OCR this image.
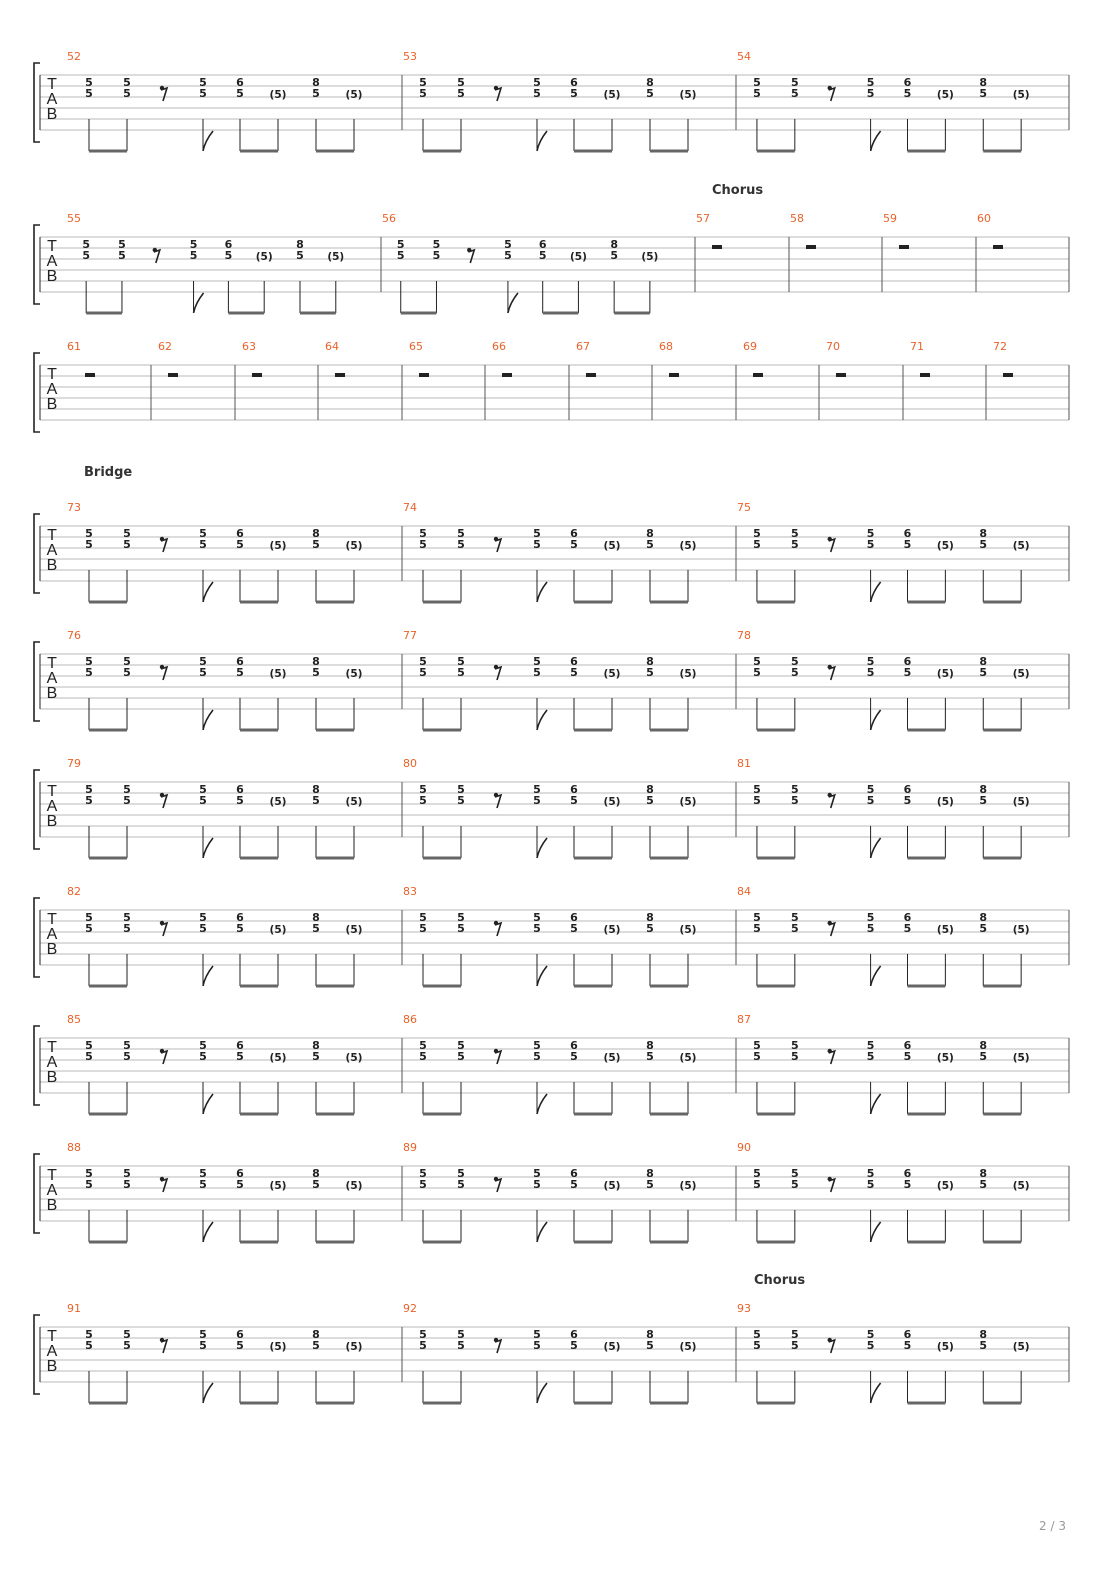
T
A
B
52
5
5
5
5
5
5
6
5 (5)
8
5 (5)
53
5
5
5
5
5
5
6
5 (5)
8
5 (5)
54
5
5
5
5
5
5
6
5 (5)
8
5 (5)
T
A
B
55
5
5
5
5
5
5
6
5 (5)
8
5 (5)
56
5
5
5
5
5
5
6
5 (5)
8
5 (5)
57
Chorus
58	59	60
T
A
B
61	62	63	64	65	66	67	68	69	70	71	72
T
A
B
73
Bridge
5
5
5
5
5
5
6
5 (5)
8
5 (5)
74
5
5
5
5
5
5
6
5 (5)
8
5 (5)
75
5
5
5
5
5
5
6
5 (5)
8
5 (5)
T
A
B
76
5
5
5
5
5
5
6
5 (5)
8
5 (5)
77
5
5
5
5
5
5
6
5 (5)
8
5 (5)
78
5
5
5
5
5
5
6
5 (5)
8
5 (5)
T
A
B
79
5
5
5
5
5
5
6
5 (5)
8
5 (5)
80
5
5
5
5
5
5
6
5 (5)
8
5 (5)
81
5
5
5
5
5
5
6
5 (5)
8
5 (5)
T
A
B
82
5
5
5
5
5
5
6
5 (5)
8
5 (5)
83
5
5
5
5
5
5
6
5 (5)
8
5 (5)
84
5
5
5
5
5
5
6
5 (5)
8
5 (5)
T
A
B
85
5
5
5
5
5
5
6
5 (5)
8
5 (5)
86
5
5
5
5
5
5
6
5 (5)
8
5 (5)
87
5
5
5
5
5
5
6
5 (5)
8
5 (5)
T
A
B
88
5
5
5
5
5
5
6
5 (5)
8
5 (5)
89
5
5
5
5
5
5
6
5 (5)
8
5 (5)
90
5
5
5
5
5
5
6
5 (5)
8
5 (5)
T
A
B
91
5
5
5
5
5
5
6
5 (5)
8
5 (5)
92
5
5
5
5
5
5
6
5 (5)
8
5 (5)
93
Chorus
5
5
5
5
5
5
6
5 (5)
8
5 (5)
2 / 3
